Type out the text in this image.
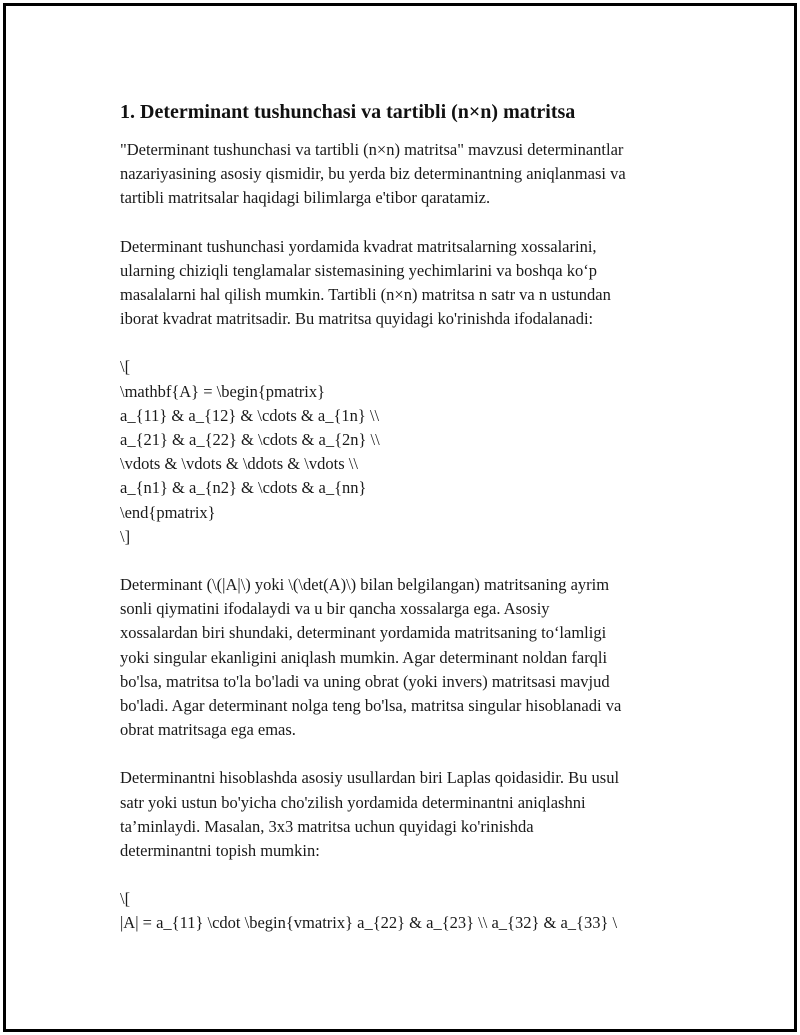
1. Determinant tushunchasi va tartibli (n×n) matritsa

"Determinant tushunchasi va tartibli (n×n) matritsa" mavzusi determinantlar
nazariyasining asosiy qismidir, bu yerda biz determinantning aniqlanmasi va
tartibli matritsalar haqidagi bilimlarga e'tibor qaratamiz.

Determinant tushunchasi yordamida kvadrat matritsalarning xossalarini,
ularning chiziqli tenglamalar sistemasining yechimlarini va boshqa ko‘p
masalalarni hal qilish mumkin. Tartibli (n×n) matritsa n satr va n ustundan
iborat kvadrat matritsadir. Bu matritsa quyidagi ko'rinishda ifodalanadi:

\[
\mathbf{A} = \begin{pmatrix}
a_{11} & a_{12} & \cdots & a_{1n} \\
a_{21} & a_{22} & \cdots & a_{2n} \\
\vdots & \vdots & \ddots & \vdots \\
a_{n1} & a_{n2} & \cdots & a_{nn}
\end{pmatrix}
\]

Determinant (\(|A|\) yoki \(\det(A)\) bilan belgilangan) matritsaning ayrim
sonli qiymatini ifodalaydi va u bir qancha xossalarga ega. Asosiy
xossalardan biri shundaki, determinant yordamida matritsaning to‘lamligi
yoki singular ekanligini aniqlash mumkin. Agar determinant noldan farqli
bo'lsa, matritsa to'la bo'ladi va uning obrat (yoki invers) matritsasi mavjud
bo'ladi. Agar determinant nolga teng bo'lsa, matritsa singular hisoblanadi va
obrat matritsaga ega emas.

Determinantni hisoblashda asosiy usullardan biri Laplas qoidasidir. Bu usul
satr yoki ustun bo'yicha cho'zilish yordamida determinantni aniqlashni
ta’minlaydi. Masalan, 3x3 matritsa uchun quyidagi ko'rinishda
determinantni topish mumkin:

\[
|A| = a_{11} \cdot \begin{vmatrix} a_{22} & a_{23} \\ a_{32} & a_{33} \
